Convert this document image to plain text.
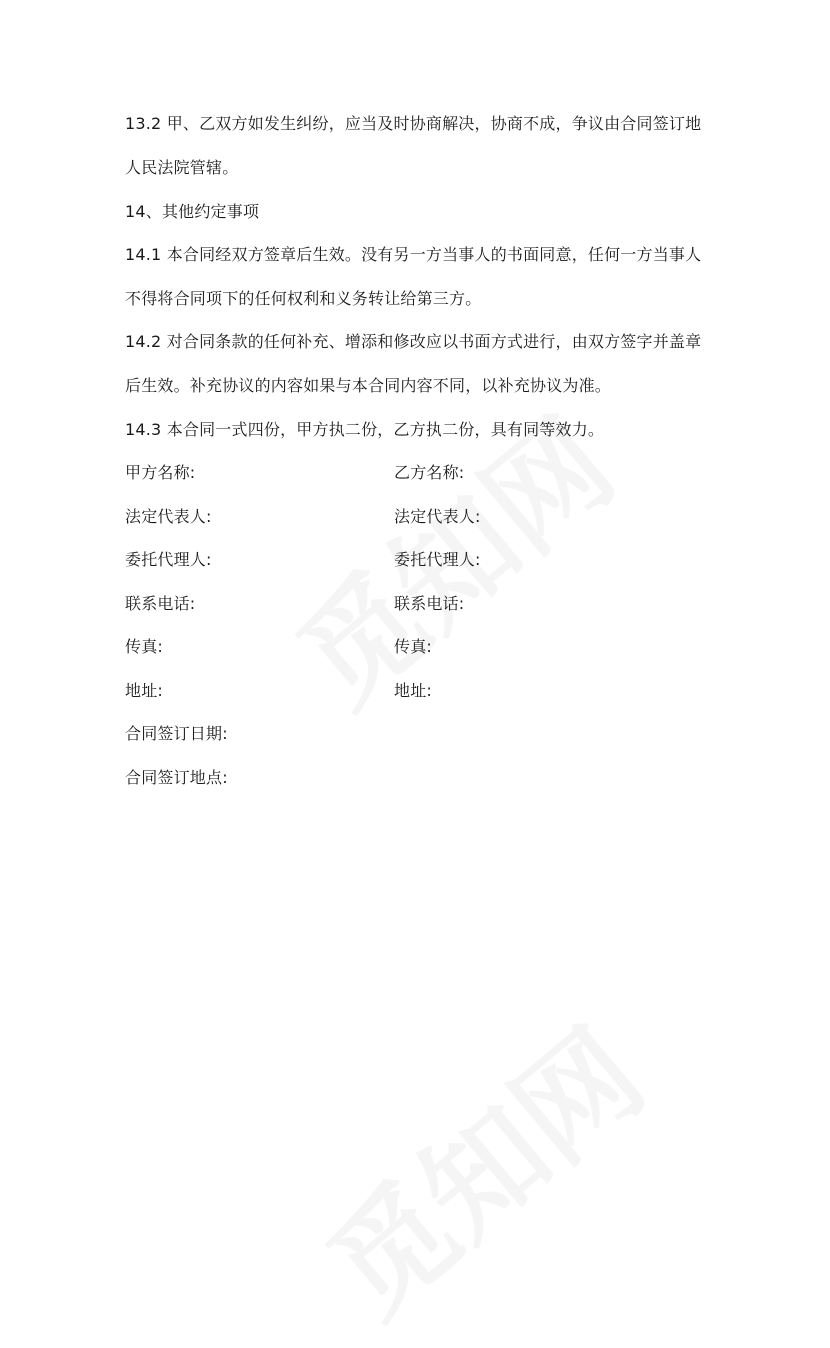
13.2 甲、乙双方如发生纠纷，应当及时协商解决，协商不成，争议由合同签订地
人民法院管辖。
14、其他约定事项
14.1 本合同经双方签章后生效。没有另一方当事人的书面同意，任何一方当事人
不得将合同项下的任何权利和义务转让给第三方。
14.2 对合同条款的任何补充、增添和修改应以书面方式进行，由双方签字并盖章
后生效。补充协议的内容如果与本合同内容不同，以补充协议为准。
14.3 本合同一式四份，甲方执二份，乙方执二份，具有同等效力。
甲方名称:	乙方名称:
法定代表人:	法定代表人:
委托代理人:	委托代理人:
联系电话:	联系电话:
传真:	传真:
地址:	地址:
合同签订日期:
合同签订地点:
